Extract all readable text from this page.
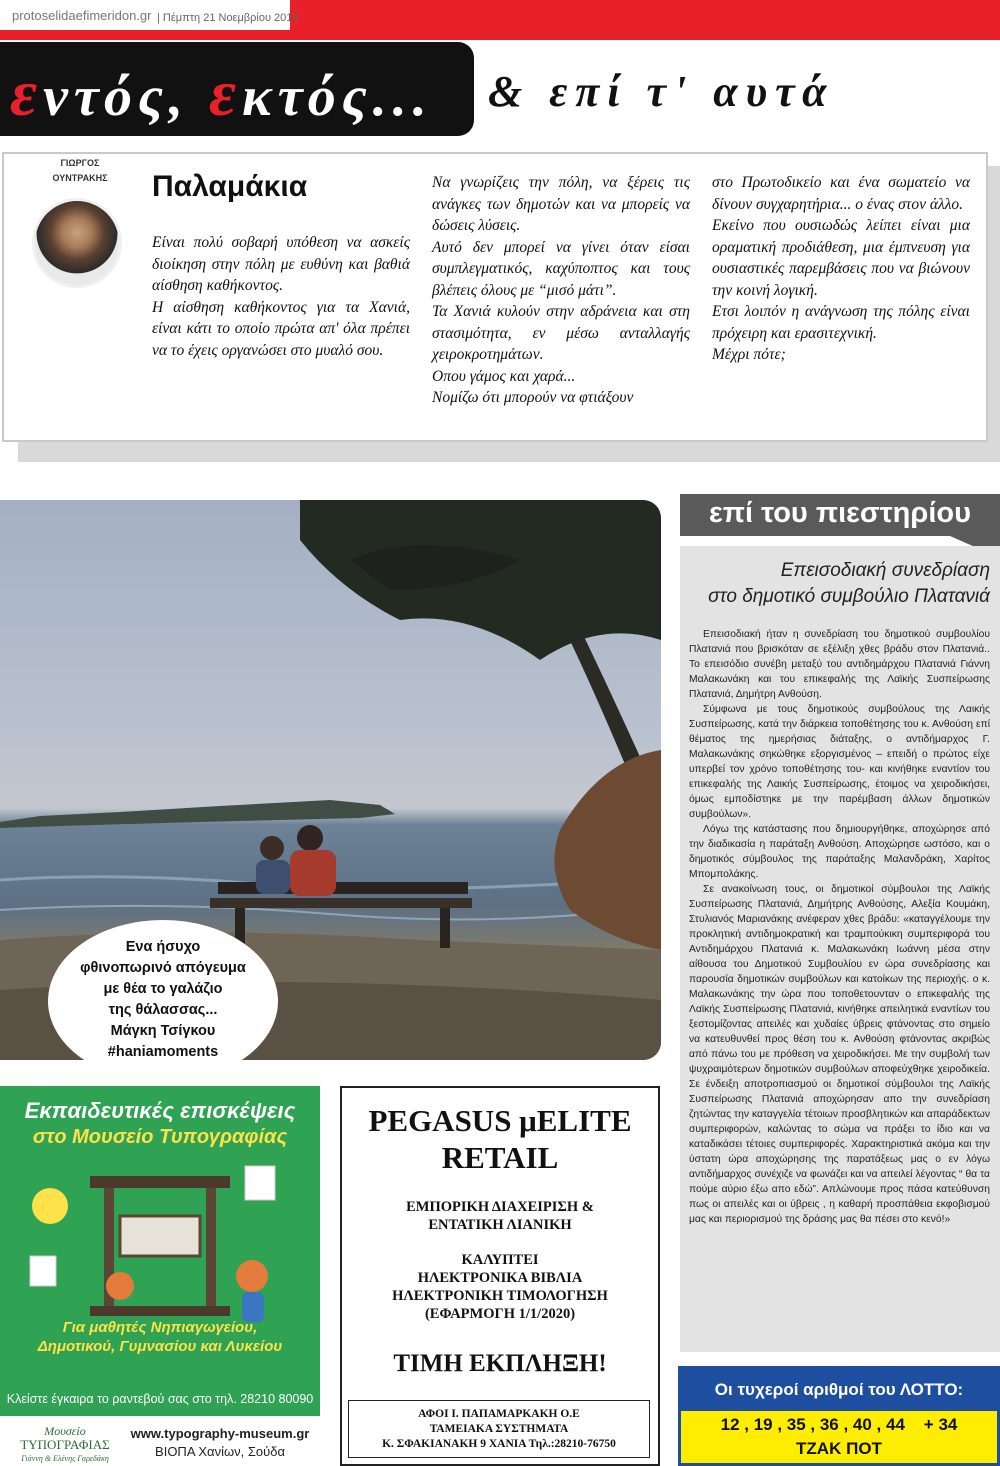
protoselidaefimeridon.gr | Πέμπτη 21 Νοεμβρίου 2019
εντός, εκτός... & επί τ' αυτά
ΓΙΩΡΓΟΣ
ΟΥΝΤΡΑΚΗΣ	Παλαμάκια

Είναι πολύ σοβαρή υπόθεση να ασκείς διοίκηση στην πόλη με ευθύνη και βαθιά αίσθηση καθήκοντος.

Η αίσθηση καθήκοντος για τα Χανιά, είναι κάτι το οποίο πρώτα απ' όλα πρέπει να το έχεις οργανώσει στο μυαλό σου.

Να γνωρίζεις την πόλη, να ξέρεις τις ανάγκες των δημοτών και να μπορείς να δώσεις λύσεις.

Αυτό δεν μπορεί να γίνει όταν είσαι συμπλεγματικός, καχύποπτος και τους βλέπεις όλους με “μισό μάτι”.

Τα Χανιά κυλούν στην αδράνεια και στη στασιμότητα, εν μέσω ανταλλαγής χειροκροτημάτων.

Οπου γάμος και χαρά...

Νομίζω ότι μπορούν να φτιάξουν

στο Πρωτοδικείο και ένα σωματείο να δίνουν συγχαρητήρια... ο ένας στον άλλο.

Εκείνο που ουσιωδώς λείπει είναι μια οραματική προδιάθεση, μια έμπνευση για ουσιαστικές παρεμβάσεις που να βιώνουν την κοινή λογική.

Ετσι λοιπόν η ανάγνωση της πόλης είναι πρόχειρη και ερασιτεχνική.

Μέχρι πότε;

Ενα ήσυχο
φθινοπωρινό απόγευμα
με θέα το γαλάζιο
της θάλασσας...
Μάγκη Τσίγκου
#haniamoments
επί του πιεστηρίου
Επεισοδιακή συνεδρίαση
στο δημοτικό συμβούλιο Πλατανιά

Επεισοδιακή ήταν η συνεδρίαση του δημοτικού συμβουλίου Πλατανιά που βρισκόταν σε εξέλιξη χθες βράδυ στον Πλατανιά.. Το επεισόδιο συνέβη μεταξύ του αντιδημάρχου Πλατανιά Γιάννη Μαλακωνάκη και του επικεφαλής της Λαϊκής Συσπείρωσης Πλατανιά, Δημήτρη Ανθούση.

Σύμφωνα με τους δημοτικούς συμβούλους της Λαικής Συσπείρωσης, κατά την διάρκεια τοποθέτησης του κ. Ανθούση επί θέματος της ημερήσιας διάταξης, ο αντιδήμαρχος Γ. Μαλακωνάκης σηκώθηκε εξοργισμένος – επειδή ο πρώτος είχε υπερβεί τον χρόνο τοποθέτησης του- και κινήθηκε εναντίον του επικεφαλής της Λαικής Συσπείρωσης, έτοιμος να χειροδικήσει, όμως εμποδίστηκε με την παρέμβαση άλλων δημοτικών συμβούλων».

Λόγω της κατάστασης που δημιουργήθηκε, αποχώρησε από την διαδικασία η παράταξη Ανθούση. Αποχώρησε ωστόσο, και ο δημοτικός σύμβουλος της παράταξης Μαλανδράκη, Χαρίτος Μπομπολάκης.

Σε ανακοίνωση τους, οι δημοτικοί σύμβουλοι της Λαϊκής Συσπείρωσης Πλατανιά, Δημήτρης Ανθούσης, Αλεξία Κουμάκη, Στυλιανός Μαριανάκης ανέφεραν χθες βράδυ: «καταγγέλουμε την προκλητική αντιδημοκρατική και τραμπούκικη συμπεριφορά του Αντιδημάρχου Πλατανιά κ. Μαλακωνάκη Ιωάννη μέσα στην αίθουσα του Δημοτικού Συμβουλίου εν ώρα συνεδρίασης και παρουσία δημοτικών συμβούλων και κατοίκων της περιοχής. ο κ. Μαλακωνάκης την ώρα που τοποθετουνταν ο επικεφαλής της Λαϊκής Συσπείρωσης Πλατανιά, κινήθηκε απειλητικά εναντίων του ξεστομίζοντας απειλές και χυδαίες ύβρεις φτάνοντας στο σημείο να κατευθυνθεί προς θέση του κ. Ανθούση φτάνοντας ακριβώς από πάνω του με πρόθεση να χειροδικήσει. Με την συμβολή των ψυχραιμότερων δημοτικών συμβούλων αποφεύχθηκε χειροδικεία. Σε ένδειξη αποτροπιασμού οι δημοτικοί σύμβουλοι της Λαϊκής Συσπείρωσης Πλατανιά αποχώρησαν απο την συνεδρίαση ζητώντας την καταγγελία τέτοιων προσβλητικών και απαράδεκτων συμπεριφορών, καλώντας το σώμα να πράξει το ίδιο και να καταδικάσει τέτοιες συμπεριφορές. Χαρακτηριστικά ακόμα και την ύστατη ώρα αποχώρησης της παρατάξεως μας ο εν λόγω αντιδήμαρχος συνέχιζε να φωνάζει και να απειλεί λέγοντας “ θα τα πούμε αύριο έξω απο εδώ”. Απλώνουμε προς πάσα κατεύθυνση πως οι απειλές και οι ύβρεις , η καθαρή προσπάθεια εκφοβισμού μας και περιορισμού της δράσης μας θα πέσει στο κενό!»

Οι τυχεροί αριθμοί του ΛΟΤΤΟ:
12 , 19 , 35 , 36 , 40 , 44    + 34
ΤΖΑΚ ΠΟΤ
Εκπαιδευτικές επισκέψεις
στο Μουσείο Τυπογραφίας
Κλείστε έγκαιρα το ραντεβού σας στο τηλ. 28210 80090
Μουσείο
ΤΥΠΟΓΡΑΦΙΑΣ
Γιάννη & Ελένης Γαρεδάκη
www.typography-museum.gr
ΒΙΟΠΑ Χανίων, Σούδα
Για μαθητές Νηπιαγωγείου,
Δημοτικού, Γυμνασίου και Λυκείου
PEGASUS μELITE
RETAIL
ΕΜΠΟΡΙΚΗ ΔΙΑΧΕΙΡΙΣΗ &
ΕΝΤΑΤΙΚΗ ΛΙΑΝΙΚΗ
ΚΑΛΥΠΤΕΙ
ΗΛΕΚΤΡΟΝΙΚΑ ΒΙΒΛΙΑ
ΗΛΕΚΤΡΟΝΙΚΗ ΤΙΜΟΛΟΓΗΣΗ
(ΕΦΑΡΜΟΓΗ 1/1/2020)
ΤΙΜΗ ΕΚΠΛΗΞΗ!
ΑΦΟΙ Ι. ΠΑΠΑΜΑΡΚΑΚΗ Ο.Ε
ΤΑΜΕΙΑΚΑ ΣΥΣΤΗΜΑΤΑ
Κ. ΣΦΑΚΙΑΝΑΚΗ 9 ΧΑΝΙΑ Τηλ.:28210-76750
